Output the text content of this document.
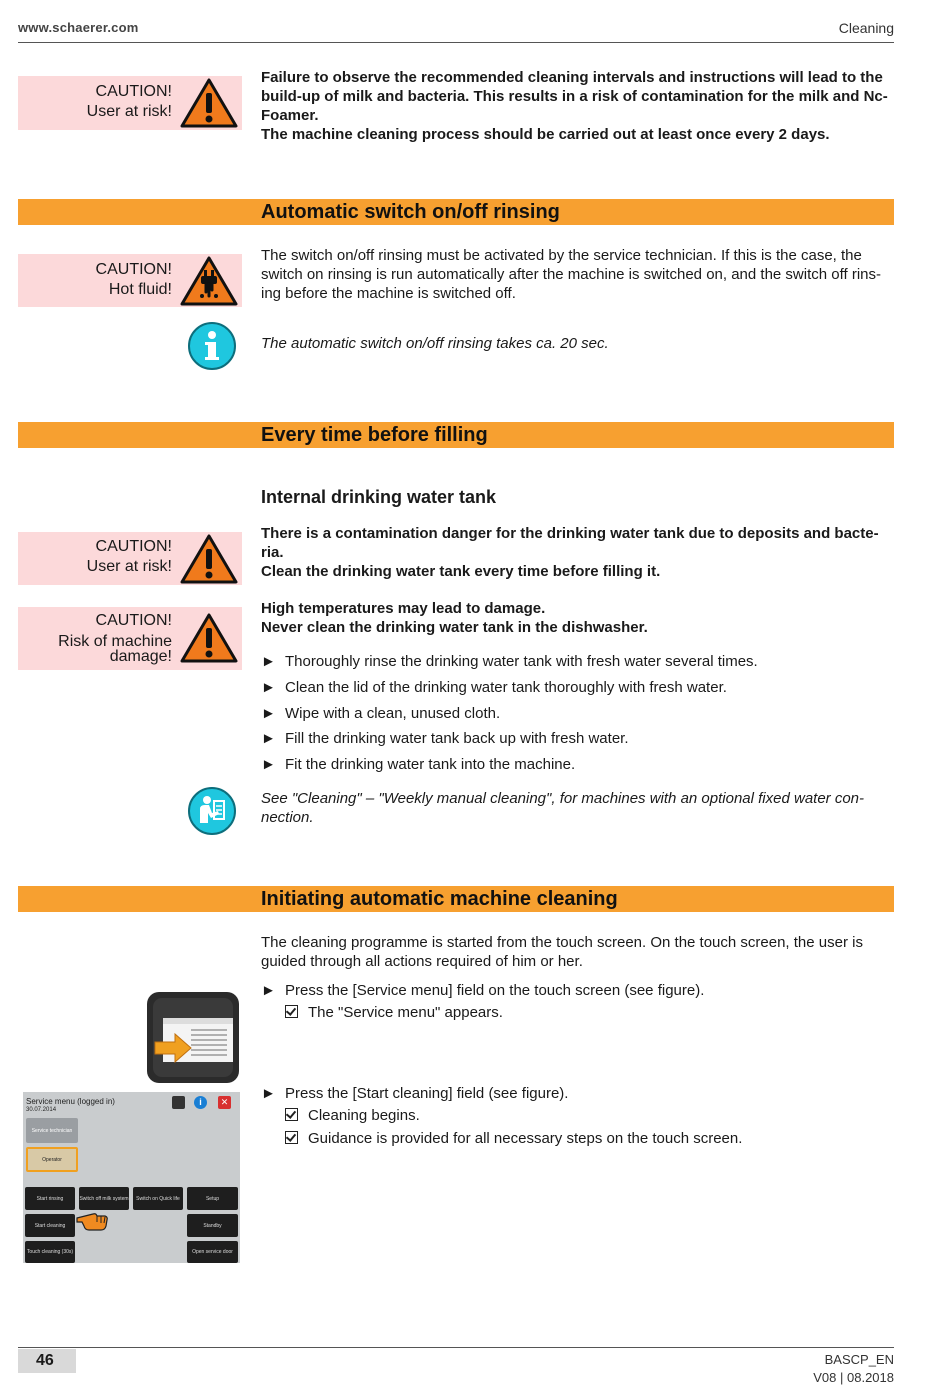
www.schaerer.com	Cleaning
CAUTION!
User at risk!
Failure to observe the recommended cleaning intervals and instructions will lead to the
build-up of milk and bacteria. This results in a risk of contamination for the milk and Nc-
Foamer.
The machine cleaning process should be carried out at least once every 2 days.
Automatic switch on/off rinsing
CAUTION!
Hot fluid!
The switch on/off rinsing must be activated by the service technician. If this is the case, the
switch on rinsing is run automatically after the machine is switched on, and the switch off rins-
ing before the machine is switched off.
The automatic switch on/off rinsing takes ca. 20 sec.
Every time before filling
Internal drinking water tank
CAUTION!
User at risk!
There is a contamination danger for the drinking water tank due to deposits and bacte-
ria.
Clean the drinking water tank every time before filling it.
CAUTION!
Risk of machine
damage!
High temperatures may lead to damage.
Never clean the drinking water tank in the dishwasher.
► Thoroughly rinse the drinking water tank with fresh water several times.
► Clean the lid of the drinking water tank thoroughly with fresh water.
► Wipe with a clean, unused cloth.
► Fill the drinking water tank back up with fresh water.
► Fit the drinking water tank into the machine.
See "Cleaning" – "Weekly manual cleaning", for machines with an optional fixed water con-
nection.
Initiating automatic machine cleaning
The cleaning programme is started from the touch screen. On the touch screen, the user is
guided through all actions required of him or her.
► Press the [Service menu] field on the touch screen (see figure).
The "Service menu" appears.
► Press the [Start cleaning] field (see figure).
Cleaning begins.
Guidance is provided for all necessary steps on the touch screen.
Service menu (logged in)
30.07.2014
i	✕
Service technician
Operator
Start rinsing	Switch off milk system	Switch on Quick life	Setup
Start cleaning	Standby
Touch cleaning (30s)	Open service door
46	BASCP_EN
V08 | 08.2018
